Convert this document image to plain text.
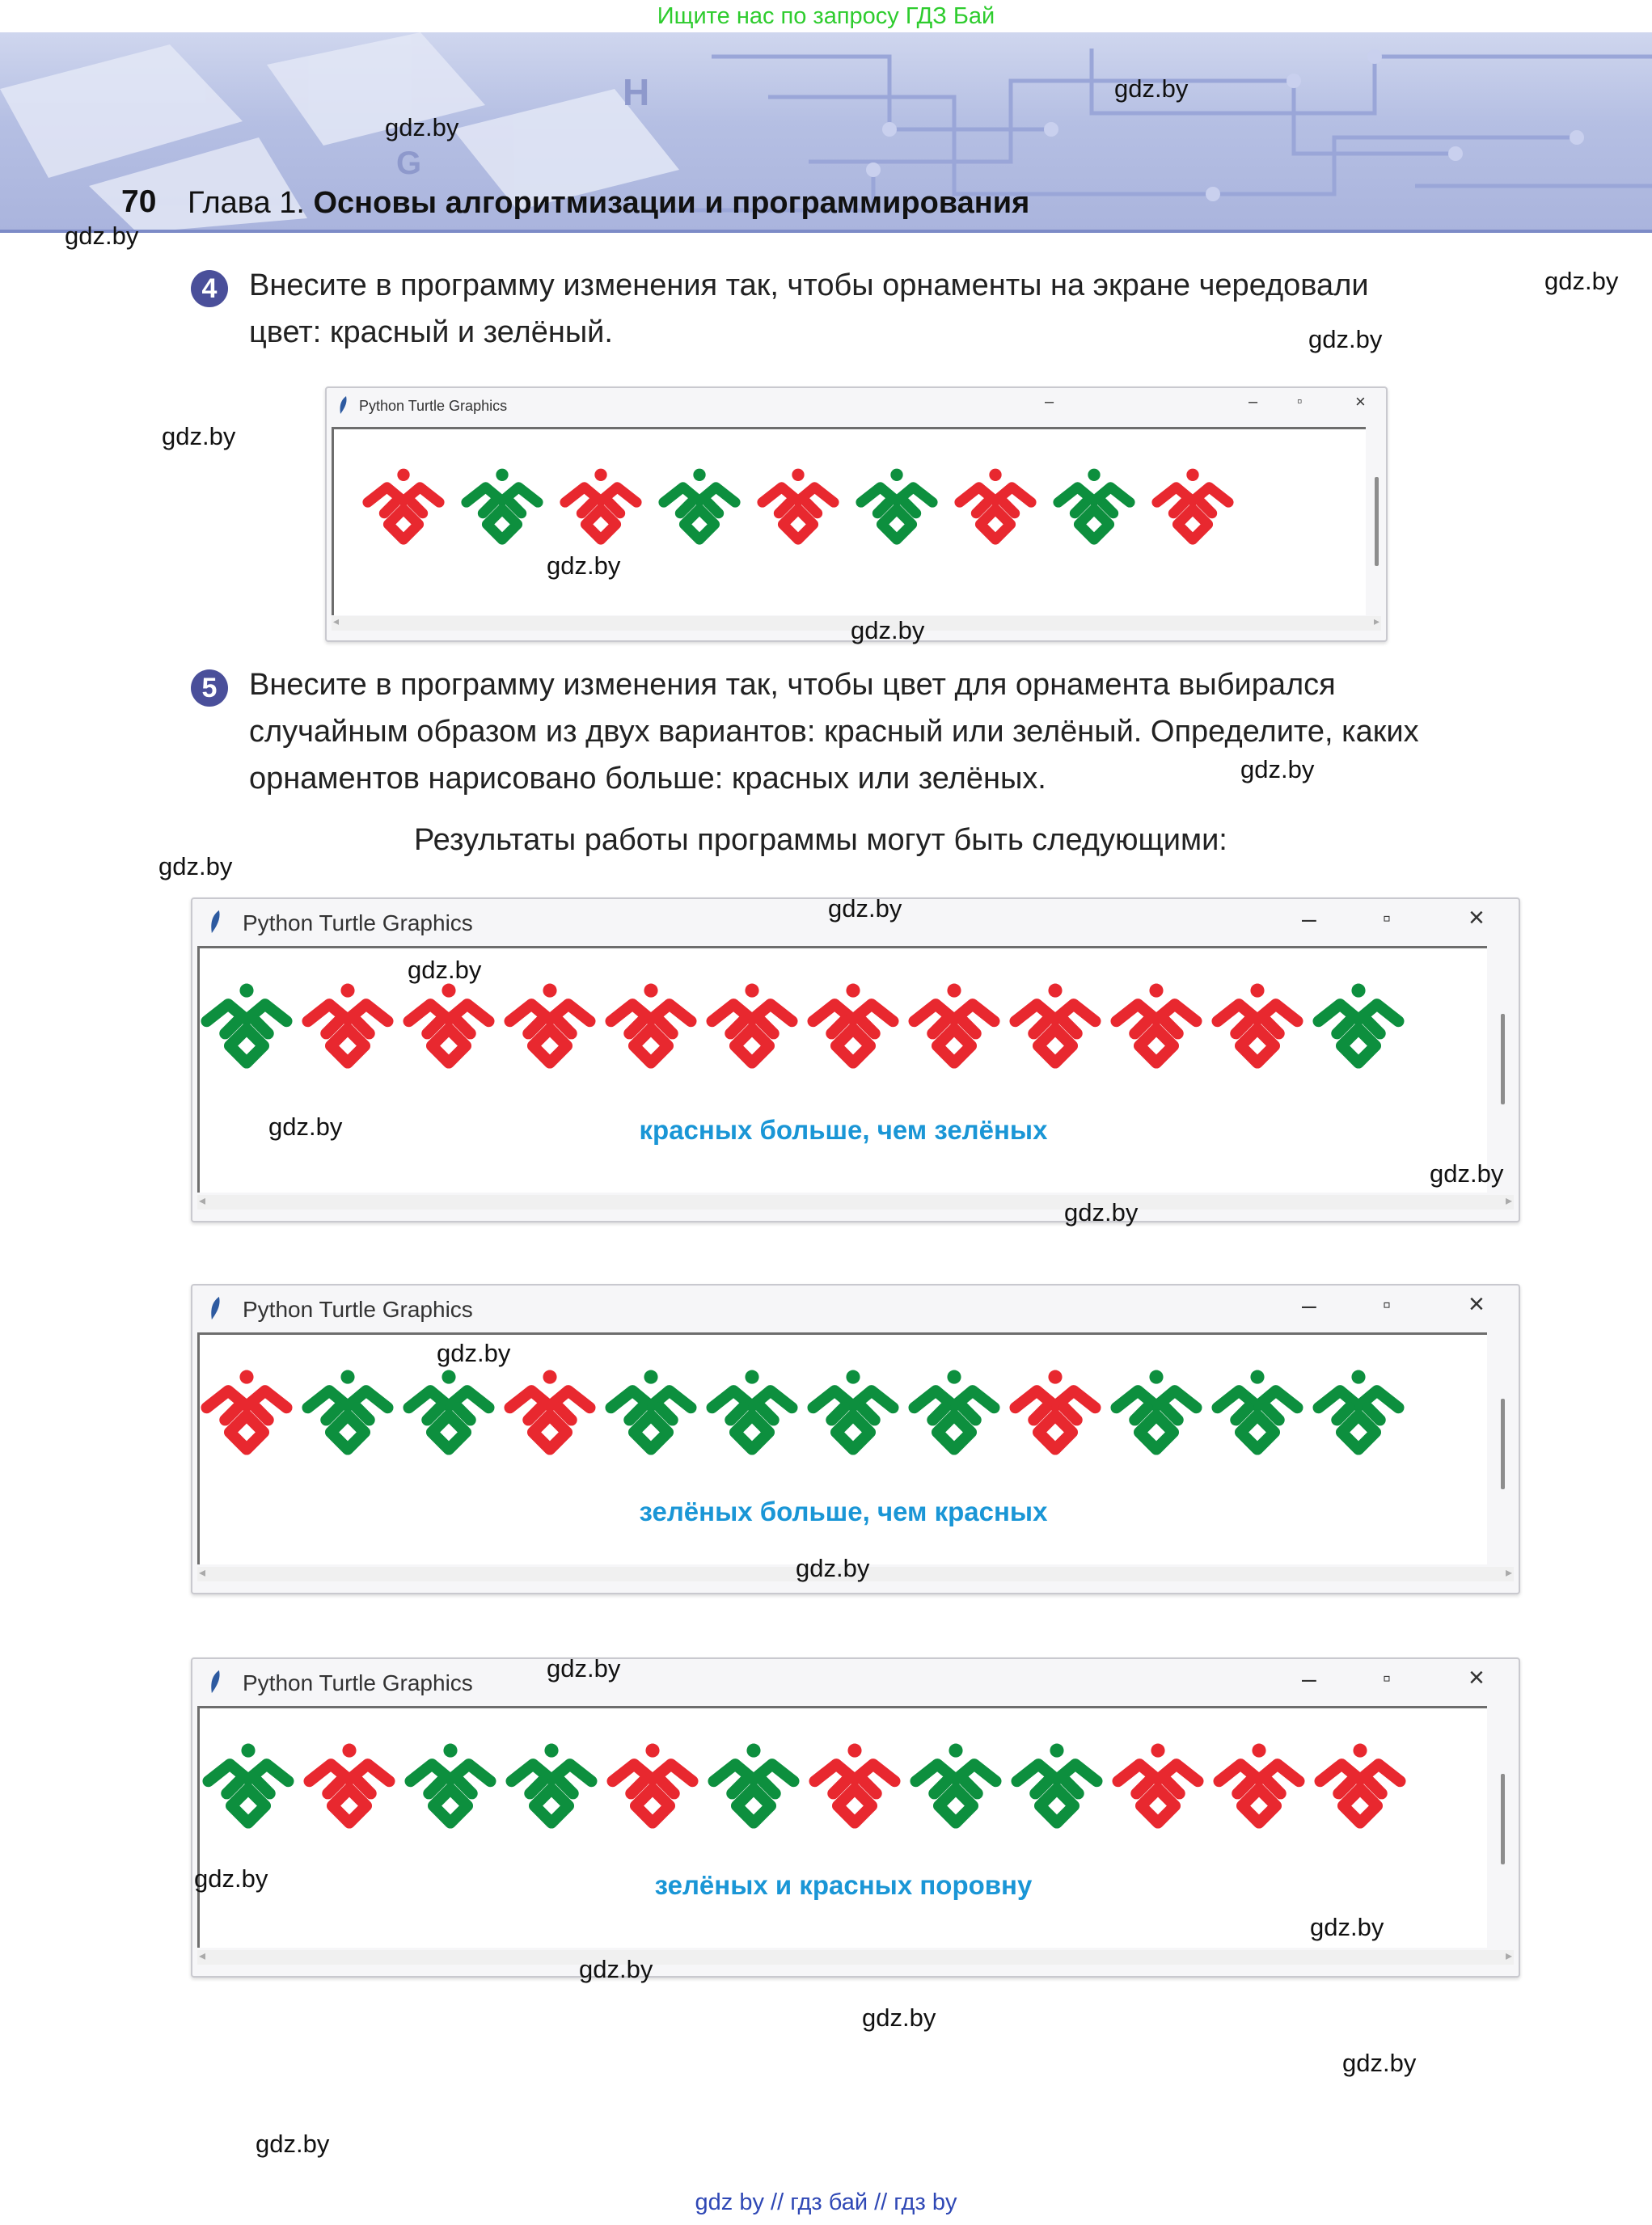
Ищите нас по запросу ГДЗ Бай
H
G
70 Глава 1. Основы алгоритмизации и программирования
4	Внесите в программу изменения так, чтобы орнаменты на экране чередовали
цвет: красный и зелёный.
Python Turtle Graphics	–	–	▫	×
◂	▸
5	Внесите в программу изменения так, чтобы цвет для орнамента выбирался
случайным образом из двух вариантов: красный или зелёный. Определите, каких
орнаментов нарисовано больше: красных или зелёных.
Результаты работы программы могут быть следующими:
Python Turtle Graphics	–	▫	×
красных больше, чем зелёных
◂	▸
Python Turtle Graphics	–	▫	×
зелёных больше, чем красных
◂	▸
Python Turtle Graphics	–	▫	×
зелёных и красных поровну
◂	▸
gdz.by
gdz.by
gdz.by
gdz.by
gdz.by
gdz.by
gdz.by
gdz.by
gdz.by
gdz.by
gdz.by
gdz.by
gdz.by
gdz.by
gdz.by
gdz.by
gdz.by
gdz.by
gdz.by
gdz.by
gdz.by
gdz.by
gdz.by
gdz.by
gdz by // гдз бай // гдз by
